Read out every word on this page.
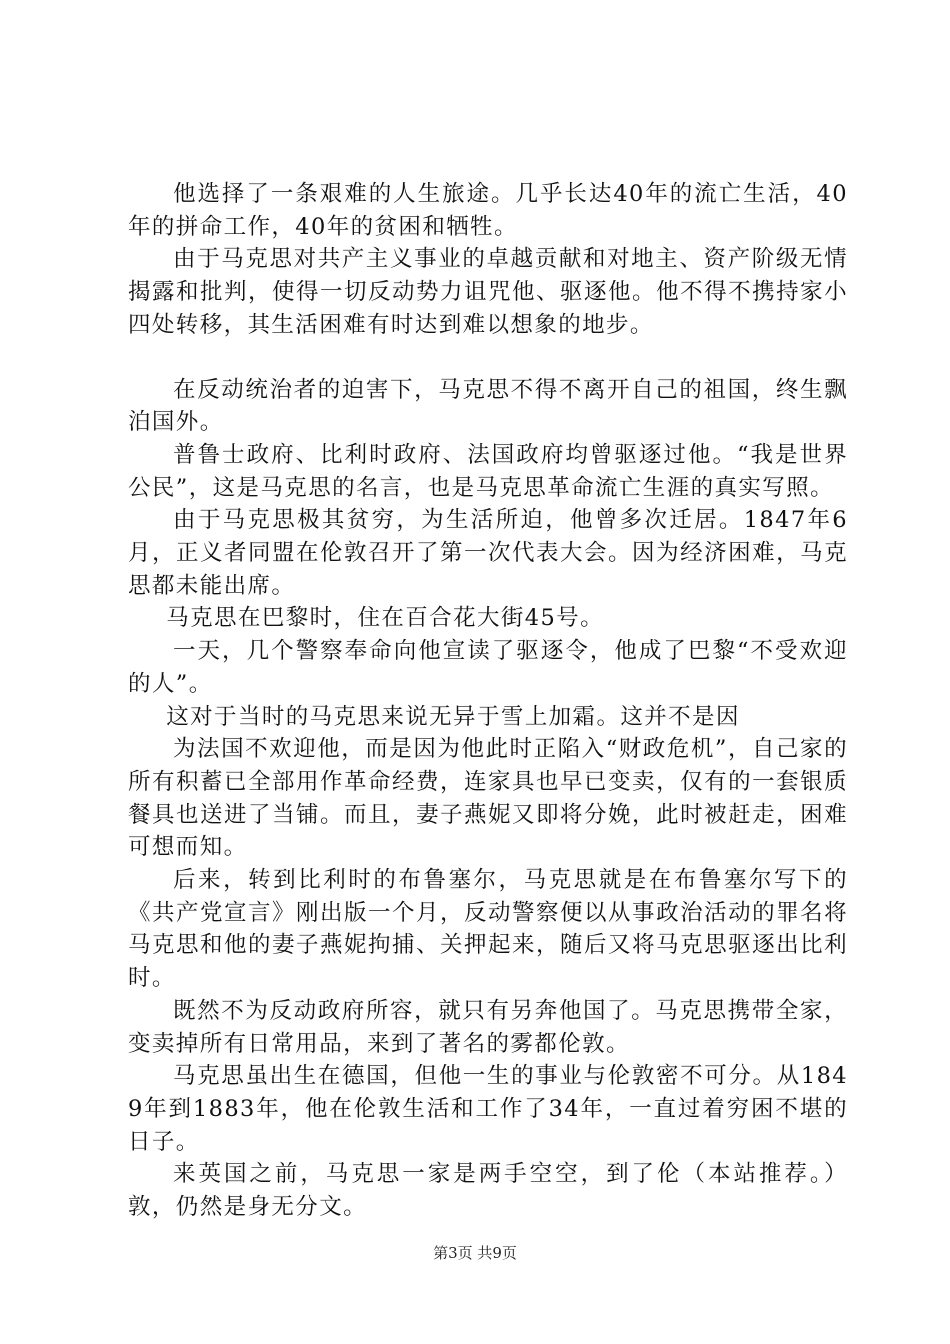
他选择了一条艰难的人生旅途。几乎长达40年的流亡生活，40年的拼命工作，40年的贫困和牺牲。

由于马克思对共产主义事业的卓越贡献和对地主、资产阶级无情揭露和批判，使得一切反动势力诅咒他、驱逐他。他不得不携持家小四处转移，其生活困难有时达到难以想象的地步。

在反动统治者的迫害下，马克思不得不离开自己的祖国，终生飘泊国外。

普鲁士政府、比利时政府、法国政府均曾驱逐过他。“我是世界公民”，这是马克思的名言，也是马克思革命流亡生涯的真实写照。

由于马克思极其贫穷，为生活所迫，他曾多次迁居。1847年6月，正义者同盟在伦敦召开了第一次代表大会。因为经济困难，马克思都未能出席。

马克思在巴黎时，住在百合花大街45号。

一天，几个警察奉命向他宣读了驱逐令，他成了巴黎“不受欢迎的人”。

这对于当时的马克思来说无异于雪上加霜。这并不是因

为法国不欢迎他，而是因为他此时正陷入“财政危机”，自己家的所有积蓄已全部用作革命经费，连家具也早已变卖，仅有的一套银质餐具也送进了当铺。而且，妻子燕妮又即将分娩，此时被赶走，困难可想而知。

后来，转到比利时的布鲁塞尔，马克思就是在布鲁塞尔写下的《共产党宣言》刚出版一个月，反动警察便以从事政治活动的罪名将马克思和他的妻子燕妮拘捕、关押起来，随后又将马克思驱逐出比利时。

既然不为反动政府所容，就只有另奔他国了。马克思携带全家，变卖掉所有日常用品，来到了著名的雾都伦敦。

马克思虽出生在德国，但他一生的事业与伦敦密不可分。从1849年到1883年，他在伦敦生活和工作了34年，一直过着穷困不堪的日子。

来英国之前，马克思一家是两手空空，到了伦（本站推荐。）敦，仍然是身无分文。

第3页 共9页
